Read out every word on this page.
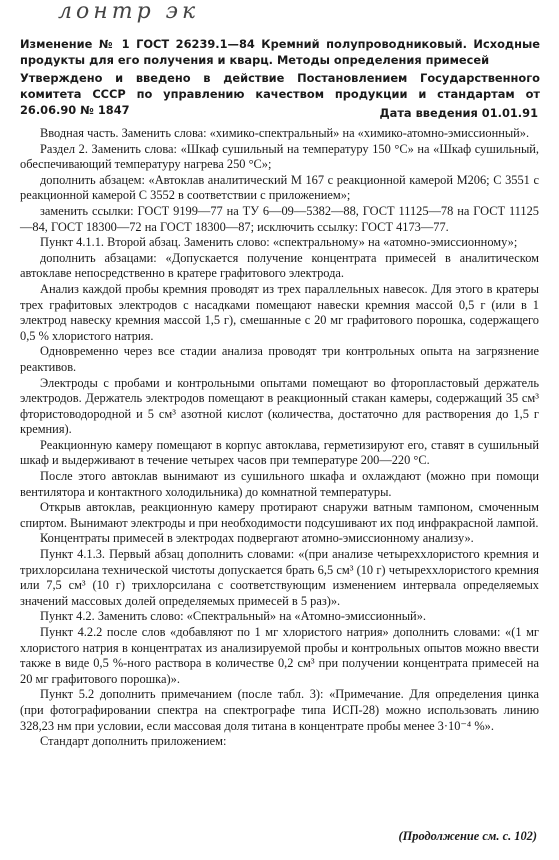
лонтр эк
Изменение № 1 ГОСТ 26239.1—84 Кремний полупроводниковый. Исходные продукты для его получения и кварц. Методы определения примесей
Утверждено и введено в действие Постановлением Государственного комитета СССР по управлению качеством продукции и стандартам от 26.06.90 № 1847	Дата введения 01.01.91

Вводная часть. Заменить слова: «химико-спектральный» на «химико-атомно-эмиссионный».

Раздел 2. Заменить слова: «Шкаф сушильный на температуру 150 °С» на «Шкаф сушильный, обеспечивающий температуру нагрева 250 °С»;

дополнить абзацем: «Автоклав аналитический М 167 с реакционной камерой М206; С 3551 с реакционной камерой С 3552 в соответствии с приложением»;

заменить ссылки: ГОСТ 9199—77 на ТУ 6—09—5382—88, ГОСТ 11125—78 на ГОСТ 11125—84, ГОСТ 18300—72 на ГОСТ 18300—87; исключить ссылку: ГОСТ 4173—77.

Пункт 4.1.1. Второй абзац. Заменить слово: «спектральному» на «атомно-эмиссионному»;

дополнить абзацами: «Допускается получение концентрата примесей в аналитическом автоклаве непосредственно в кратере графитового электрода.

Анализ каждой пробы кремния проводят из трех параллельных навесок. Для этого в кратеры трех графитовых электродов с насадками помещают навески кремния массой 0,5 г (или в 1 электрод навеску кремния массой 1,5 г), смешанные с 20 мг графитового порошка, содержащего 0,5 % хлористого натрия.

Одновременно через все стадии анализа проводят три контрольных опыта на загрязнение реактивов.

Электроды с пробами и контрольными опытами помещают во фторопластовый держатель электродов. Держатель электродов помещают в реакционный стакан камеры, содержащий 35 см³ фтористоводородной и 5 см³ азотной кислот (количества, достаточно для растворения до 1,5 г кремния).

Реакционную камеру помещают в корпус автоклава, герметизируют его, ставят в сушильный шкаф и выдерживают в течение четырех часов при температуре 200—220 °С.

После этого автоклав вынимают из сушильного шкафа и охлаждают (можно при помощи вентилятора и контактного холодильника) до комнатной температуры.

Открыв автоклав, реакционную камеру протирают снаружи ватным тампоном, смоченным спиртом. Вынимают электроды и при необходимости подсушивают их под инфракрасной лампой.

Концентраты примесей в электродах подвергают атомно-эмиссионному анализу».

Пункт 4.1.3. Первый абзац дополнить словами: «(при анализе четыреххлористого кремния и трихлорсилана технической чистоты допускается брать 6,5 см³ (10 г) четыреххлористого кремния или 7,5 см³ (10 г) трихлорсилана с соответствующим изменением интервала определяемых значений массовых долей определяемых примесей в 5 раз)».

Пункт 4.2. Заменить слово: «Спектральный» на «Атомно-эмиссионный».

Пункт 4.2.2 после слов «добавляют по 1 мг хлористого натрия» дополнить словами: «(1 мг хлористого натрия в концентратах из анализируемой пробы и контрольных опытов можно ввести также в виде 0,5 %-ного раствора в количестве 0,2 см³ при получении концентрата примесей на 20 мг графитового порошка)».

Пункт 5.2 дополнить примечанием (после табл. 3): «Примечание. Для определения цинка (при фотографировании спектра на спектрографе типа ИСП-28) можно использовать линию 328,23 нм при условии, если массовая доля титана в концентрате пробы менее 3·10⁻⁴ %».

Стандарт дополнить приложением:

(Продолжение см. с. 102)
